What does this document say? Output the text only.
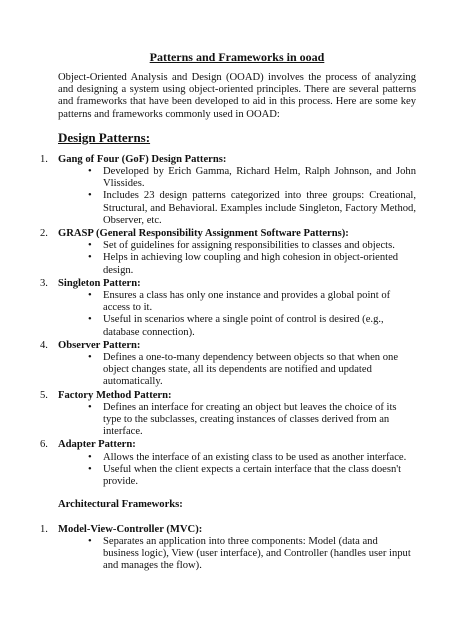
Patterns and Frameworks in ooad
Object-Oriented Analysis and Design (OOAD) involves the process of analyzing and designing a system using object-oriented principles. There are several patterns and frameworks that have been developed to aid in this process. Here are some key patterns and frameworks commonly used in OOAD:
Design Patterns:
1. Gang of Four (GoF) Design Patterns:
• Developed by Erich Gamma, Richard Helm, Ralph Johnson, and John Vlissides.
• Includes 23 design patterns categorized into three groups: Creational, Structural, and Behavioral. Examples include Singleton, Factory Method, Observer, etc.
2. GRASP (General Responsibility Assignment Software Patterns):
• Set of guidelines for assigning responsibilities to classes and objects.
• Helps in achieving low coupling and high cohesion in object-oriented design.
3. Singleton Pattern:
• Ensures a class has only one instance and provides a global point of access to it.
• Useful in scenarios where a single point of control is desired (e.g., database connection).
4. Observer Pattern:
• Defines a one-to-many dependency between objects so that when one object changes state, all its dependents are notified and updated automatically.
5. Factory Method Pattern:
• Defines an interface for creating an object but leaves the choice of its type to the subclasses, creating instances of classes derived from an interface.
6. Adapter Pattern:
• Allows the interface of an existing class to be used as another interface.
• Useful when the client expects a certain interface that the class doesn't provide.
Architectural Frameworks:
1. Model-View-Controller (MVC):
• Separates an application into three components: Model (data and business logic), View (user interface), and Controller (handles user input and manages the flow).
